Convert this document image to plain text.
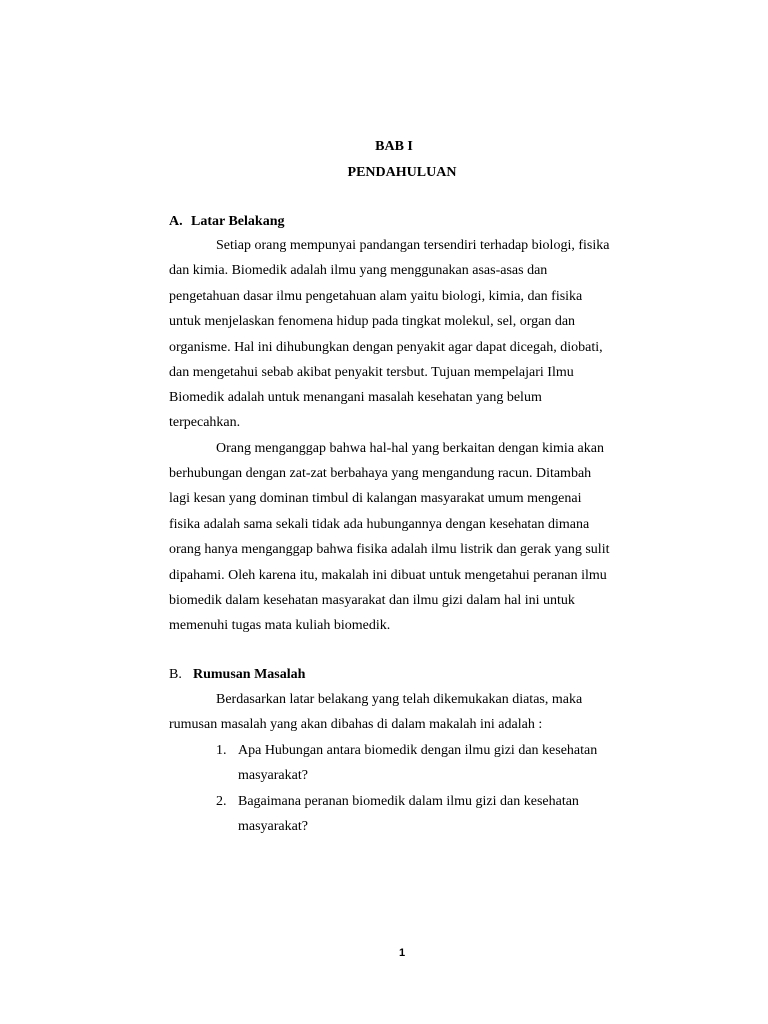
BAB I
PENDAHULUAN
A. Latar Belakang
Setiap orang mempunyai pandangan tersendiri terhadap biologi, fisika
dan kimia. Biomedik adalah ilmu yang menggunakan asas-asas dan
pengetahuan dasar ilmu pengetahuan alam yaitu biologi, kimia, dan fisika
untuk menjelaskan fenomena hidup pada tingkat molekul, sel, organ dan
organisme. Hal ini dihubungkan dengan penyakit agar dapat dicegah, diobati,
dan mengetahui sebab akibat penyakit tersbut. Tujuan mempelajari Ilmu
Biomedik adalah untuk menangani masalah kesehatan yang belum
terpecahkan.
Orang menganggap bahwa hal-hal yang berkaitan dengan kimia akan
berhubungan dengan zat-zat berbahaya yang mengandung racun. Ditambah
lagi kesan yang dominan timbul di kalangan masyarakat umum mengenai
fisika adalah sama sekali tidak ada hubungannya dengan kesehatan dimana
orang hanya menganggap bahwa fisika adalah ilmu listrik dan gerak yang sulit
dipahami. Oleh karena itu, makalah ini dibuat untuk mengetahui peranan ilmu
biomedik dalam kesehatan masyarakat dan ilmu gizi dalam hal ini untuk
memenuhi tugas mata kuliah biomedik.
B. Rumusan Masalah
Berdasarkan latar belakang yang telah dikemukakan diatas, maka
rumusan masalah yang akan dibahas di dalam makalah ini adalah :
1. Apa Hubungan antara biomedik dengan ilmu gizi dan kesehatan
masyarakat?
2. Bagaimana peranan biomedik dalam ilmu gizi dan kesehatan
masyarakat?
1
